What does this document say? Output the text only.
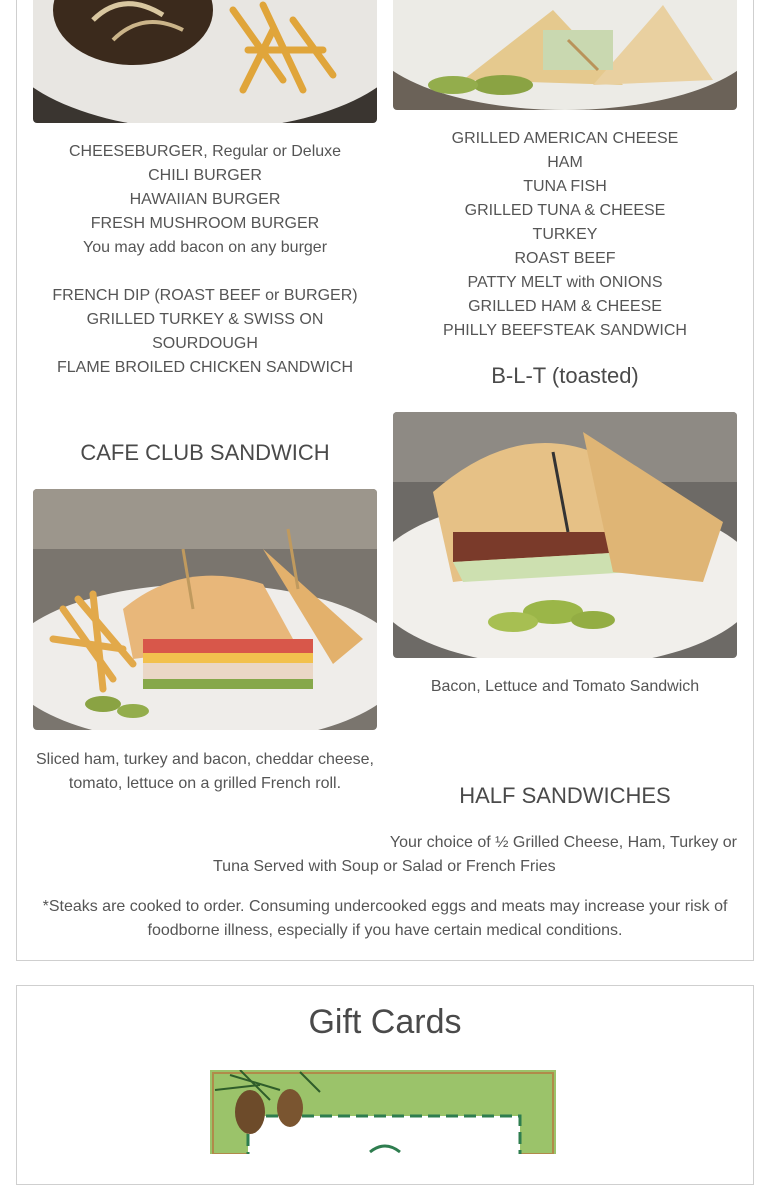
CHEESEBURGER, Regular or Deluxe
CHILI BURGER
HAWAIIAN BURGER
FRESH MUSHROOM BURGER
You may add bacon on any burger
FRENCH DIP (ROAST BEEF or BURGER)
GRILLED TURKEY & SWISS ON
SOURDOUGH
FLAME BROILED CHICKEN SANDWICH
CAFE CLUB SANDWICH
Sliced ham, turkey and bacon, cheddar cheese,
tomato, lettuce on a grilled French roll.
GRILLED AMERICAN CHEESE
HAM
TUNA FISH
GRILLED TUNA & CHEESE
TURKEY
ROAST BEEF
PATTY MELT with ONIONS
GRILLED HAM & CHEESE
PHILLY BEEFSTEAK SANDWICH
B-L-T (toasted)
Bacon, Lettuce and Tomato Sandwich
HALF SANDWICHES
Your choice of ½ Grilled Cheese, Ham, Turkey or
Tuna Served with Soup or Salad or French Fries
*Steaks are cooked to order. Consuming undercooked eggs and meats may increase your risk of
foodborne illness, especially if you have certain medical conditions.
Gift Cards
